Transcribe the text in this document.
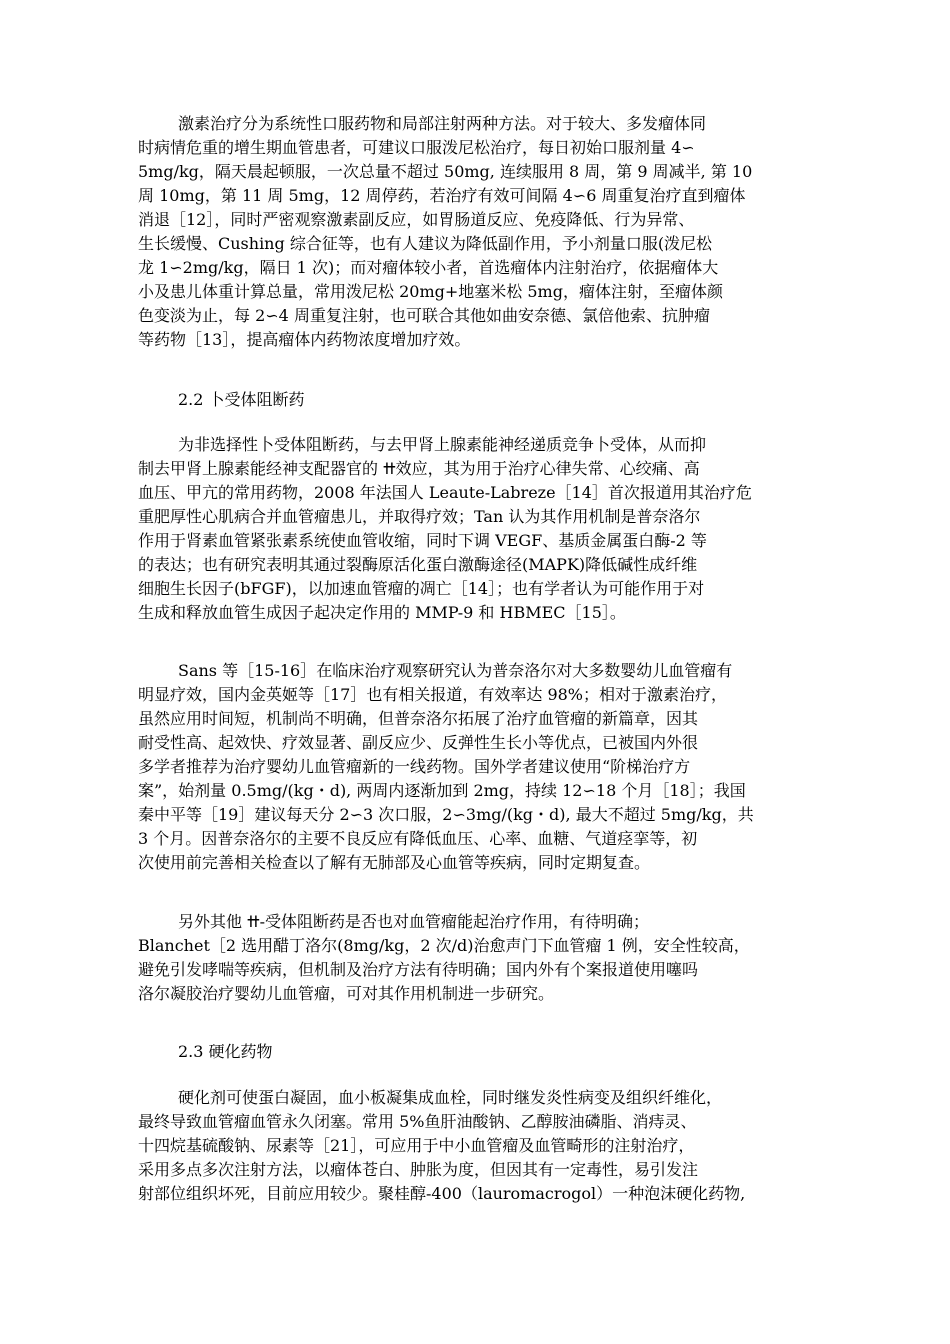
激素治疗分为系统性口服药物和局部注射两种方法。对于较大、多发瘤体同
时病情危重的增生期血管患者，可建议口服泼尼松治疗，每日初始口服剂量 4∽
5mg/kg，隔天晨起顿服，一次总量不超过 50mg, 连续服用 8 周，第 9 周减半, 第 10
周 10mg，第 11 周 5mg，12 周停药，若治疗有效可间隔 4∽6 周重复治疗直到瘤体
消退［12］，同时严密观察激素副反应，如胃肠道反应、免疫降低、行为异常、
生长缓慢、Cushing 综合征等，也有人建议为降低副作用，予小剂量口服(泼尼松
龙 1∽2mg/kg，隔日 1 次)；而对瘤体较小者，首选瘤体内注射治疗，依据瘤体大
小及患儿体重计算总量，常用泼尼松 20mg+地塞米松 5mg，瘤体注射，至瘤体颜
色变淡为止，每 2∽4 周重复注射，也可联合其他如曲安奈德、氯倍他索、抗肿瘤
等药物［13］，提高瘤体内药物浓度增加疗效。
2.2 卜受体阻断药
为非选择性卜受体阻断药，与去甲肾上腺素能神经递质竞争卜受体，从而抑
制去甲肾上腺素能经神支配器官的 ߚ效应，其为用于治疗心律失常、心绞痛、高
血压、甲亢的常用药物，2008 年法国人 Leaute-Labreze［14］首次报道用其治疗危
重肥厚性心肌病合并血管瘤患儿，并取得疗效；Tan 认为其作用机制是普奈洛尔
作用于肾素血管紧张素系统使血管收缩，同时下调 VEGF、基质金属蛋白酶-2 等
的表达；也有研究表明其通过裂酶原活化蛋白激酶途径(MAPK)降低碱性成纤维
细胞生长因子(bFGF)，以加速血管瘤的凋亡［14］；也有学者认为可能作用于对
生成和释放血管生成因子起决定作用的 MMP-9 和 HBMEC［15］。
Sans 等［15-16］在临床治疗观察研究认为普奈洛尔对大多数婴幼儿血管瘤有
明显疗效，国内金英姬等［17］也有相关报道，有效率达 98%；相对于激素治疗，
虽然应用时间短，机制尚不明确，但普奈洛尔拓展了治疗血管瘤的新篇章，因其
耐受性高、起效快、疗效显著、副反应少、反弹性生长小等优点，已被国内外很
多学者推荐为治疗婴幼儿血管瘤新的一线药物。国外学者建议使用“阶梯治疗方
案”，始剂量 0.5mg/(kg・d), 两周内逐渐加到 2mg，持续 12∽18 个月［18］；我国
秦中平等［19］建议每天分 2∽3 次口服，2∽3mg/(kg・d), 最大不超过 5mg/kg，共
3 个月。因普奈洛尔的主要不良反应有降低血压、心率、血糖、气道痉挛等，初
次使用前完善相关检查以了解有无肺部及心血管等疾病，同时定期复查。
另外其他 ߚ-受体阻断药是否也对血管瘤能起治疗作用，有待明确；
Blanchet［2 选用醋丁洛尔(8mg/kg，2 次/d)治愈声门下血管瘤 1 例，安全性较高，
避免引发哮喘等疾病，但机制及治疗方法有待明确；国内外有个案报道使用噻吗
洛尔凝胶治疗婴幼儿血管瘤，可对其作用机制进一步研究。
2.3 硬化药物
硬化剂可使蛋白凝固，血小板凝集成血栓，同时继发炎性病变及组织纤维化，
最终导致血管瘤血管永久闭塞。常用 5%鱼肝油酸钠、乙醇胺油磷脂、消痔灵、
十四烷基硫酸钠、尿素等［21］，可应用于中小血管瘤及血管畸形的注射治疗，
采用多点多次注射方法，以瘤体苍白、肿胀为度，但因其有一定毒性，易引发注
射部位组织坏死，目前应用较少。聚桂醇-400（lauromacrogol）一种泡沫硬化药物,
